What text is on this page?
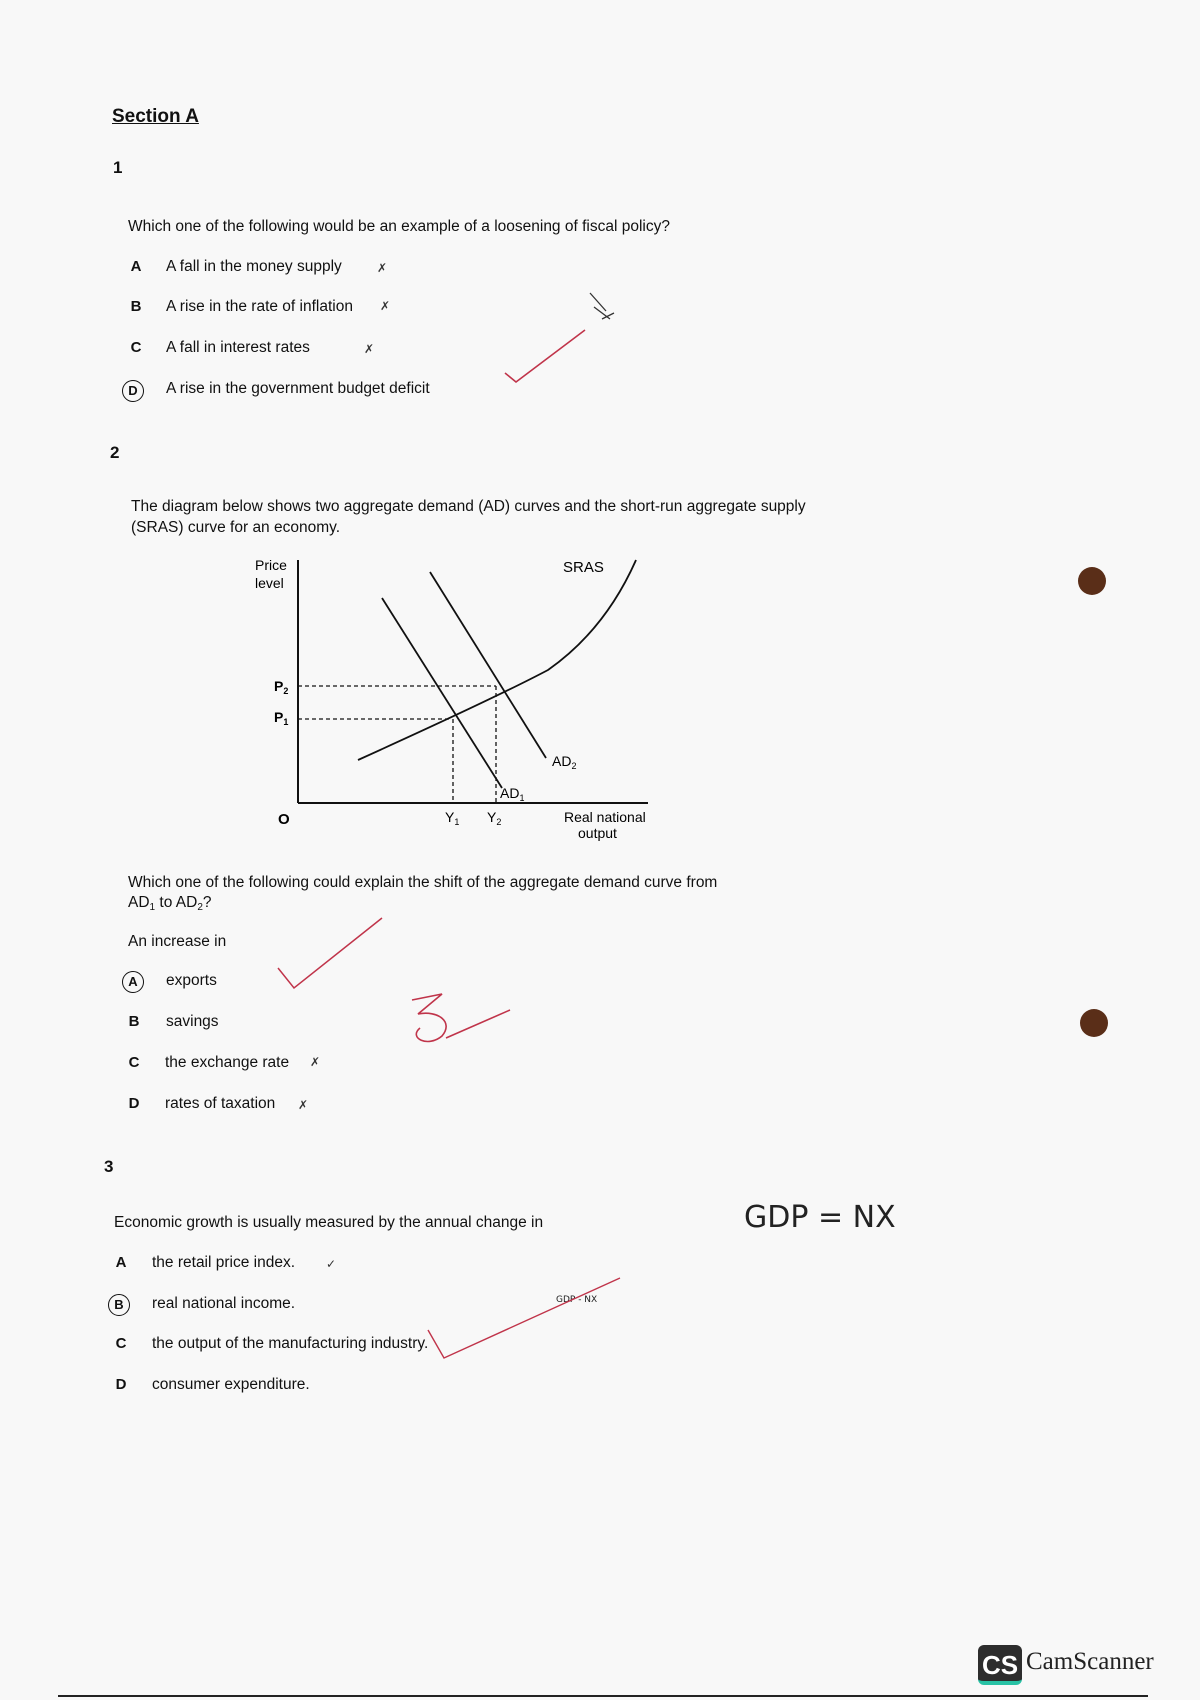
Section A
1
Which one of the following would be an example of a loosening of fiscal policy?
A	A fall in the money supply	✗
B	A rise in the rate of inflation ✗
C	A fall in interest rates	✗
D	A rise in the government budget deficit
2
The diagram below shows two aggregate demand (AD) curves and the short-run aggregate supply (SRAS) curve for an economy.
Price
level
O
$P_2$
$P_1$
$Y_1$ $Y_2$	Real national
output
SRAS
$AD_1$
$AD_2$
Which one of the following could explain the shift of the aggregate demand curve from
$AD_1$ to $AD_2$?
An increase in
A	exports
B	savings
C	the exchange rate ✗
D	rates of taxation ✗
3
Economic growth is usually measured by the annual change in	GDP = NX
A	the retail price index.	✓
B	real national income.	GDP - NX
C	the output of the manufacturing industry.
D	consumer expenditure.
CS CamScanner
